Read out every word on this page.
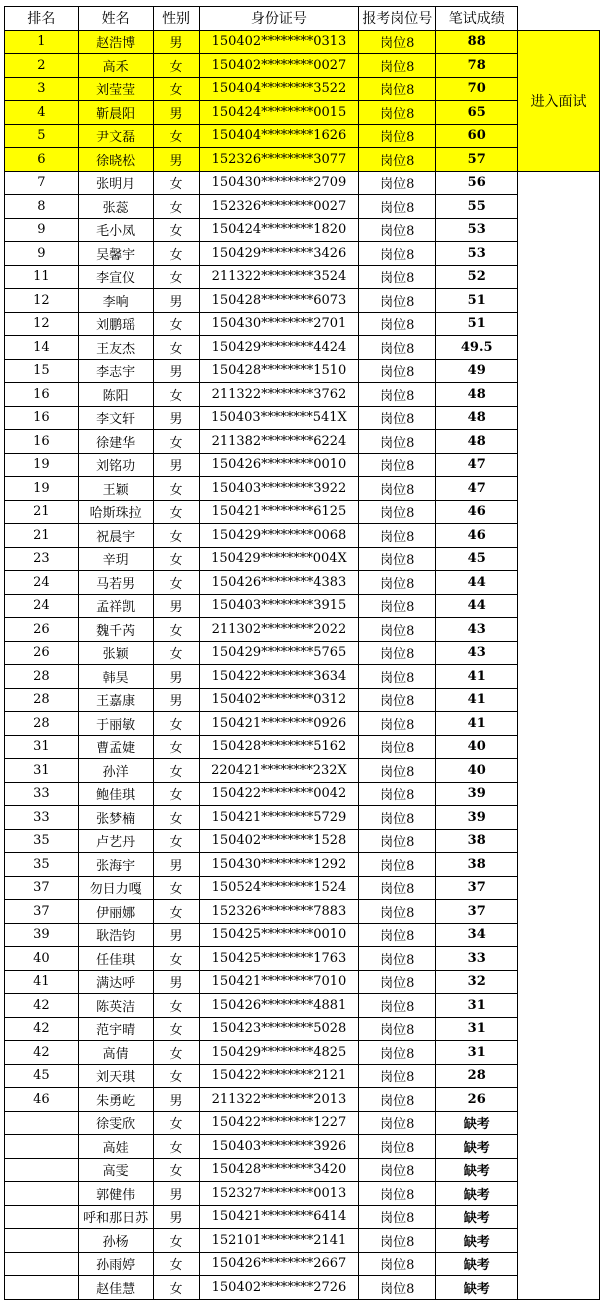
排名	姓名	性别	身份证号	报考岗位号	笔试成绩	
1	赵浩博	男	150402********0313	岗位8	88	进入面试
2	高禾	女	150402********0027	岗位8	78	
3	刘莹莹	女	150404********3522	岗位8	70	
4	靳晨阳	男	150424********0015	岗位8	65	
5	尹文磊	女	150404********1626	岗位8	60	
6	徐晓松	男	152326********3077	岗位8	57	
7	张明月	女	150430********2709	岗位8	56	
8	张蕊	女	152326********0027	岗位8	55	
9	毛小凤	女	150424********1820	岗位8	53	
9	吴馨宇	女	150429********3426	岗位8	53	
11	李宣仪	女	211322********3524	岗位8	52	
12	李响	男	150428********6073	岗位8	51	
12	刘鹏瑶	女	150430********2701	岗位8	51	
14	王友杰	女	150429********4424	岗位8	49.5	
15	李志宇	男	150428********1510	岗位8	49	
16	陈阳	女	211322********3762	岗位8	48	
16	李文轩	男	150403********541X	岗位8	48	
16	徐建华	女	211382********6224	岗位8	48	
19	刘铭功	男	150426********0010	岗位8	47	
19	王颖	女	150403********3922	岗位8	47	
21	哈斯珠拉	女	150421********6125	岗位8	46	
21	祝晨宇	女	150429********0068	岗位8	46	
23	辛玥	女	150429********004X	岗位8	45	
24	马若男	女	150426********4383	岗位8	44	
24	孟祥凯	男	150403********3915	岗位8	44	
26	魏千芮	女	211302********2022	岗位8	43	
26	张颖	女	150429********5765	岗位8	43	
28	韩昊	男	150422********3634	岗位8	41	
28	王嘉康	男	150402********0312	岗位8	41	
28	于丽敏	女	150421********0926	岗位8	41	
31	曹孟婕	女	150428********5162	岗位8	40	
31	孙洋	女	220421********232X	岗位8	40	
33	鲍佳琪	女	150422********0042	岗位8	39	
33	张梦楠	女	150421********5729	岗位8	39	
35	卢艺丹	女	150402********1528	岗位8	38	
35	张海宇	男	150430********1292	岗位8	38	
37	勿日力嘎	女	150524********1524	岗位8	37	
37	伊丽娜	女	152326********7883	岗位8	37	
39	耿浩钧	男	150425********0010	岗位8	34	
40	任佳琪	女	150425********1763	岗位8	33	
41	满达呼	男	150421********7010	岗位8	32	
42	陈英洁	女	150426********4881	岗位8	31	
42	范宇晴	女	150423********5028	岗位8	31	
42	高倩	女	150429********4825	岗位8	31	
45	刘天琪	女	150422********2121	岗位8	28	
46	朱勇屹	男	211322********2013	岗位8	26	
	徐雯欣	女	150422********1227	岗位8	缺考	
	高娃	女	150403********3926	岗位8	缺考	
	高雯	女	150428********3420	岗位8	缺考	
	郭健伟	男	152327********0013	岗位8	缺考	
	呼和那日苏	男	150421********6414	岗位8	缺考	
	孙杨	女	152101********2141	岗位8	缺考	
	孙雨婷	女	150426********2667	岗位8	缺考	
	赵佳慧	女	150402********2726	岗位8	缺考	
